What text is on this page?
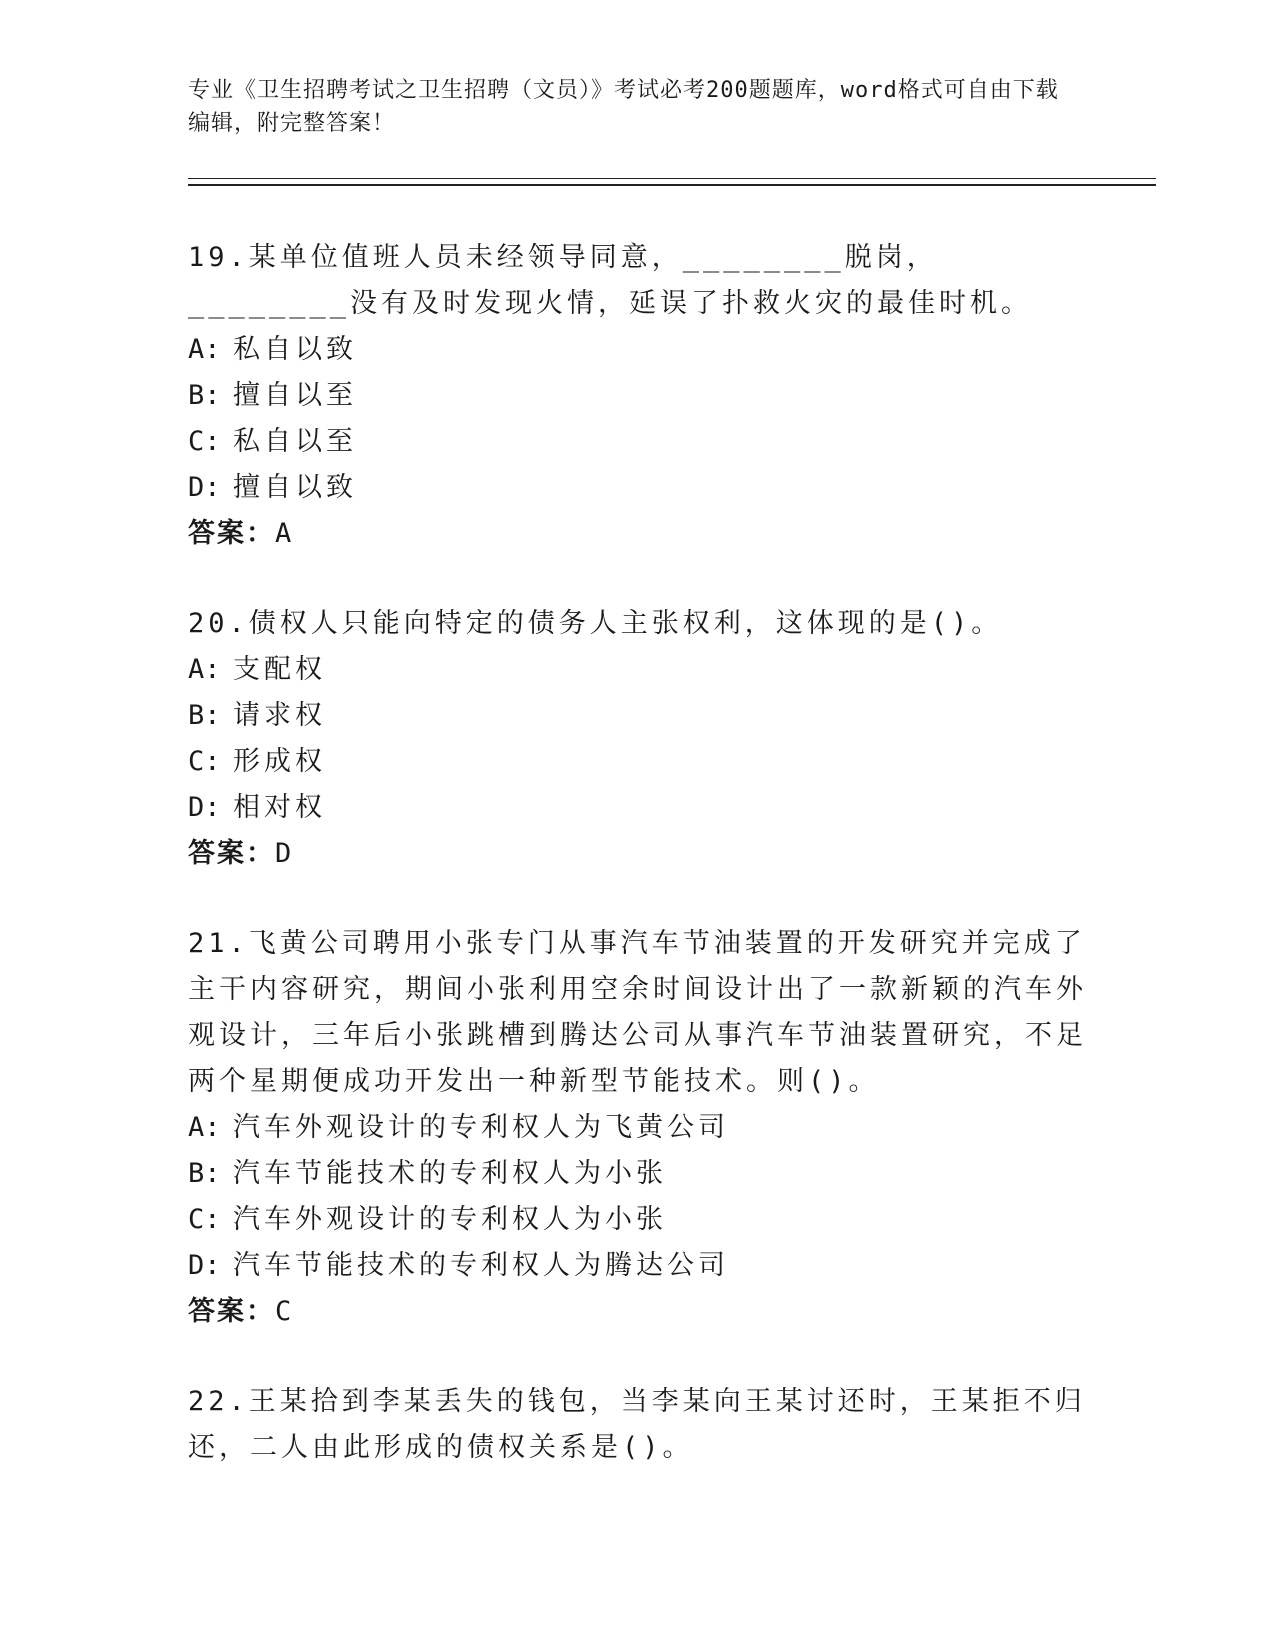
专业《卫生招聘考试之卫生招聘（文员）》考试必考200题题库，word格式可自由下载编辑，附完整答案！
19.某单位值班人员未经领导同意，________脱岗，________没有及时发现火情，延误了扑救火灾的最佳时机。
A: 私自以致
B: 擅自以至
C: 私自以至
D: 擅自以致
答案：A
20.债权人只能向特定的债务人主张权利，这体现的是()。
A: 支配权
B: 请求权
C: 形成权
D: 相对权
答案：D
21.飞黄公司聘用小张专门从事汽车节油装置的开发研究并完成了主干内容研究，期间小张利用空余时间设计出了一款新颖的汽车外观设计，三年后小张跳槽到腾达公司从事汽车节油装置研究，不足两个星期便成功开发出一种新型节能技术。则()。
A: 汽车外观设计的专利权人为飞黄公司
B: 汽车节能技术的专利权人为小张
C: 汽车外观设计的专利权人为小张
D: 汽车节能技术的专利权人为腾达公司
答案：C
22.王某拾到李某丢失的钱包，当李某向王某讨还时，王某拒不归还，二人由此形成的债权关系是()。
